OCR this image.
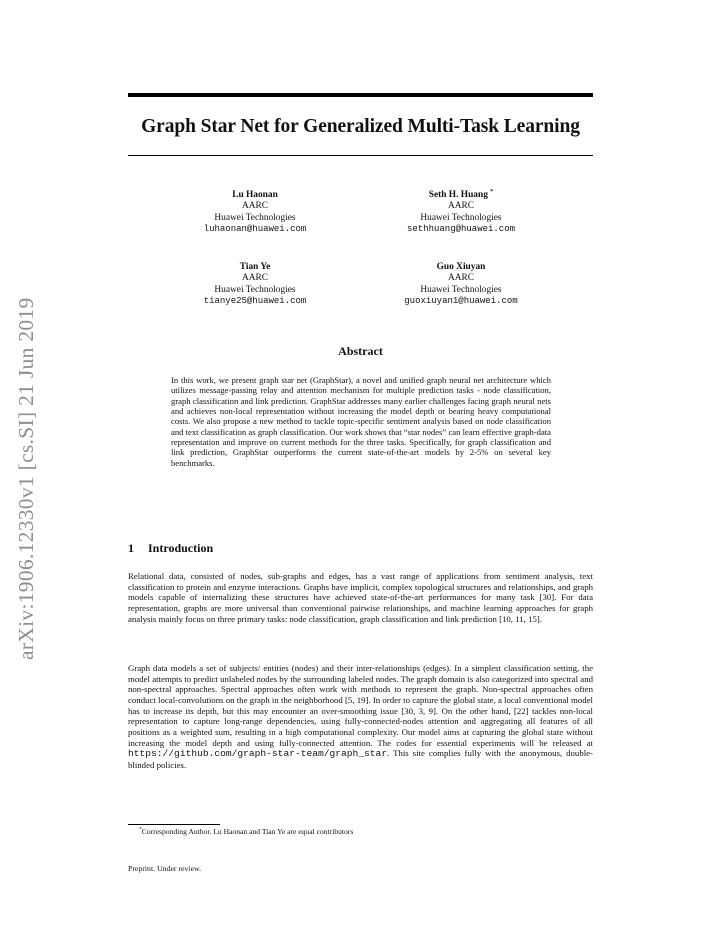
arXiv:1906.12330v1 [cs.SI] 21 Jun 2019
Graph Star Net for Generalized Multi-Task Learning
Lu Haonan
AARC
Huawei Technologies
luhaonan@huawei.com
Seth H. Huang *
AARC
Huawei Technologies
sethhuang@huawei.com
Tian Ye
AARC
Huawei Technologies
tianye25@huawei.com
Guo Xiuyan
AARC
Huawei Technologies
guoxiuyan1@huawei.com
Abstract
In this work, we present graph star net (GraphStar), a novel and unified graph neural net architecture which utilizes message-passing relay and attention mechanism for multiple prediction tasks - node classification, graph classification and link prediction. GraphStar addresses many earlier challenges facing graph neural nets and achieves non-local representation without increasing the model depth or bearing heavy computational costs. We also propose a new method to tackle topic-specific sentiment analysis based on node classification and text classification as graph classification. Our work shows that “star nodes” can learn effective graph-data representation and improve on current methods for the three tasks. Specifically, for graph classification and link prediction, GraphStar outperforms the current state-of-the-art models by 2-5% on several key benchmarks.
1 Introduction

Relational data, consisted of nodes, sub-graphs and edges, has a vast range of applications from sentiment analysis, text classification to protein and enzyme interactions. Graphs have implicit, complex topological structures and relationships, and graph models capable of internalizing these structures have achieved state-of-the-art performances for many task [30]. For data representation, graphs are more universal than conventional pairwise relationships, and machine learning approaches for graph analysis mainly focus on three primary tasks: node classification, graph classification and link prediction [10, 11, 15].

Graph data models a set of subjects/ entities (nodes) and their inter-relationships (edges). In a simplest classification setting, the model attempts to predict unlabeled nodes by the surrounding labeled nodes. The graph domain is also categorized into spectral and non-spectral approaches. Spectral approaches often work with methods to represent the graph. Non-spectral approaches often conduct local-convolutions on the graph in the neighborhood [5, 19]. In order to capture the global state, a local conventional model has to increase its depth, but this may encounter an over-smoothing issue [30, 3, 9]. On the other hand, [22] tackles non-local representation to capture long-range dependencies, using fully-connected-nodes attention and aggregating all features of all positions as a weighted sum, resulting in a high computational complexity. Our model aims at capturing the global state without increasing the model depth and using fully-connected attention. The codes for essential experiments will be released at https://github.com/graph-star-team/graph_star. This site complies fully with the anonymous, double-blinded policies.

*Corresponding Author. Lu Haonan and Tian Ye are equal contributors
Preprint. Under review.
